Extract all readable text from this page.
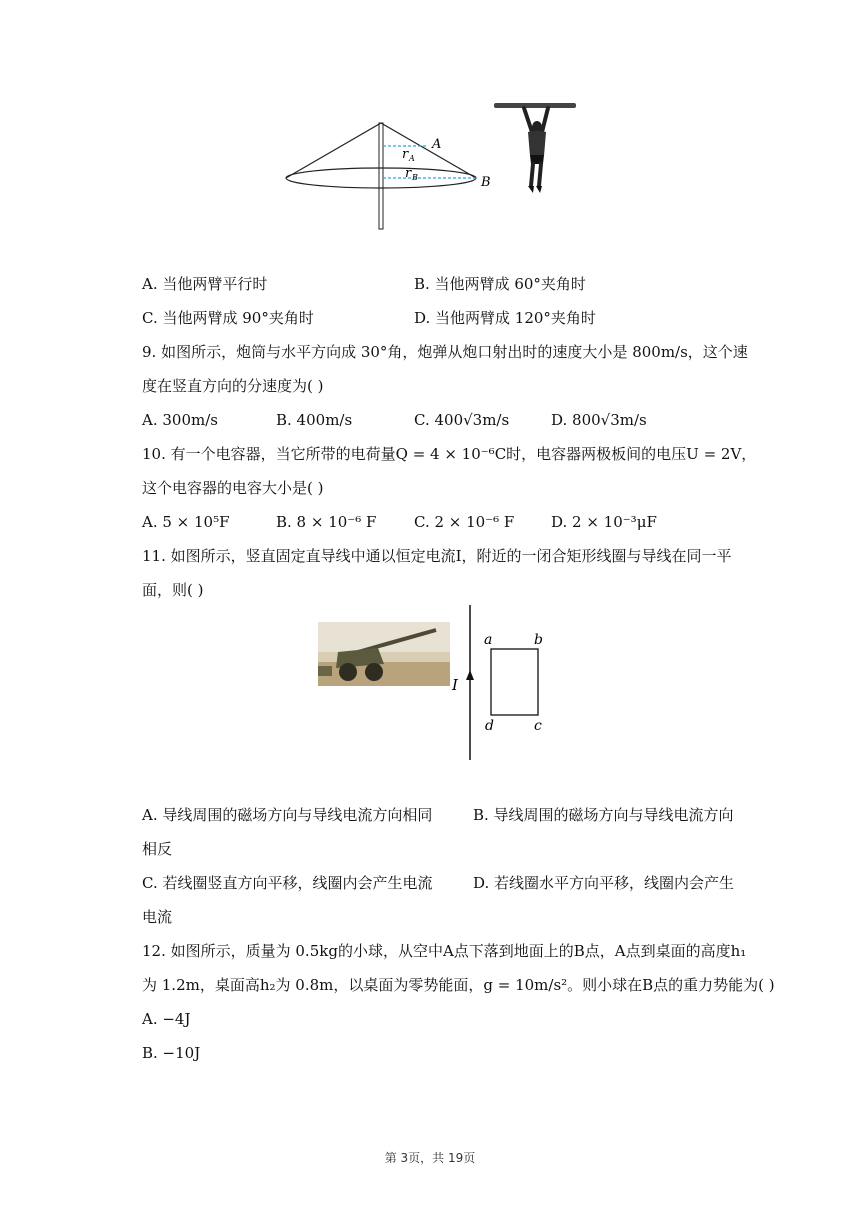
A
B
r A
r B
A. 当他两臂平行时	B. 当他两臂成 60°夹角时
C. 当他两臂成 90°夹角时	D. 当他两臂成 120°夹角时
9. 如图所示，炮筒与水平方向成 30°角，炮弹从炮口射出时的速度大小是 800m/s，这个速
度在竖直方向的分速度为( )
A. 300m/s	B. 400m/s	C. 400√3m/s	D. 800√3m/s
10. 有一个电容器，当它所带的电荷量Q = 4 × 10⁻⁶C时，电容器两极板间的电压U = 2V，
这个电容器的电容大小是( )
A. 5 × 10⁵F	B. 8 × 10⁻⁶ F	C. 2 × 10⁻⁶ F D. 2 × 10⁻³μF
11. 如图所示，竖直固定直导线中通以恒定电流I，附近的一闭合矩形线圈与导线在同一平
面，则( )
I
a	b
c
d
A. 导线周围的磁场方向与导线电流方向相同	B. 导线周围的磁场方向与导线电流方向
相反
C. 若线圈竖直方向平移，线圈内会产生电流	D. 若线圈水平方向平移，线圈内会产生
电流
12. 如图所示，质量为 0.5kg的小球，从空中A点下落到地面上的B点，A点到桌面的高度h₁
为 1.2m，桌面高h₂为 0.8m，以桌面为零势能面，g = 10m/s²。则小球在B点的重力势能为( )
A. −4J
B. −10J
第 3页，共 19页
